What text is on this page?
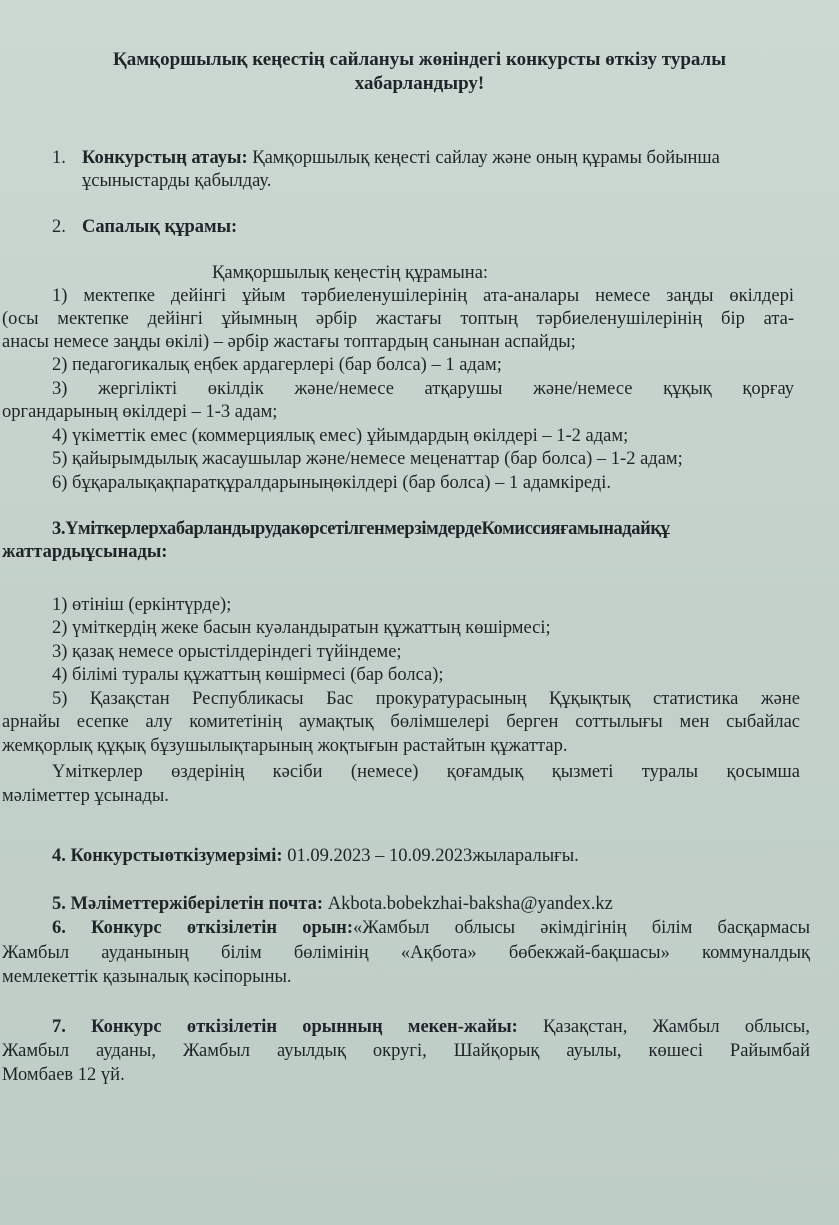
Қамқоршылық кеңестің сайлануы жөніндегі конкурсты өткізу туралы
хабарландыру!
1. Конкурстың атауы: Қамқоршылық кеңесті сайлау және оның құрамы бойынша
ұсыныстарды қабылдау.
2. Сапалық құрамы:
Қамқоршылық кеңестің құрамына:
1) мектепке дейінгі ұйым тәрбиеленушілерінің ата-аналары немесе заңды өкілдері
(осы мектепке дейінгі ұйымның әрбір жастағы топтың тәрбиеленушілерінің бір ата-
анасы немесе заңды өкілі) – әрбір жастағы топтардың санынан аспайды;
2) педагогикалық еңбек ардагерлері (бар болса) – 1 адам;
3) жергілікті өкілдік және/немесе атқарушы және/немесе құқық қорғау
органдарының өкілдері – 1-3 адам;
4) үкіметтік емес (коммерциялық емес) ұйымдардың өкілдері – 1-2 адам;
5) қайырымдылық жасаушылар және/немесе меценаттар (бар болса) – 1-2 адам;
6) бұқаралықақпаратқұралдарыныңөкілдері (бар болса) – 1 адамкіреді.
3.ҮміткерлерхабарландырудакөрсетілгенмерзімдердеКомиссияғамынадайқұ
жаттардыұсынады:
1) өтініш (еркінтүрде);
2) үміткердің жеке басын куәландыратын құжаттың көшірмесі;
3) қазақ немесе орыстілдеріндегі түйіндеме;
4) білімі туралы құжаттың көшірмесі (бар болса);
5) Қазақстан Республикасы Бас прокуратурасының Құқықтық статистика және
арнайы есепке алу комитетінің аумақтық бөлімшелері берген соттылығы мен сыбайлас
жемқорлық құқық бұзушылықтарының жоқтығын растайтын құжаттар.
Үміткерлер өздерінің кәсіби (немесе) қоғамдық қызметі туралы қосымша
мәліметтер ұсынады.
4. Конкурстыөткізумерзімі: 01.09.2023 – 10.09.2023жыларалығы.
5. Мәліметтержіберілетін почта: Akbota.bobekzhai-baksha@yandex.kz
6. Конкурс өткізілетін орын:«Жамбыл облысы әкімдігінің білім басқармасы
Жамбыл ауданының білім бөлімінің «Ақбота» бөбекжай-бақшасы» коммуналдық
мемлекеттік қазыналық кәсіпорыны.
7. Конкурс өткізілетін орынның мекен-жайы: Қазақстан, Жамбыл облысы,
Жамбыл ауданы, Жамбыл ауылдық округі, Шайқорық ауылы, көшесі Райымбай
Момбаев 12 үй.
